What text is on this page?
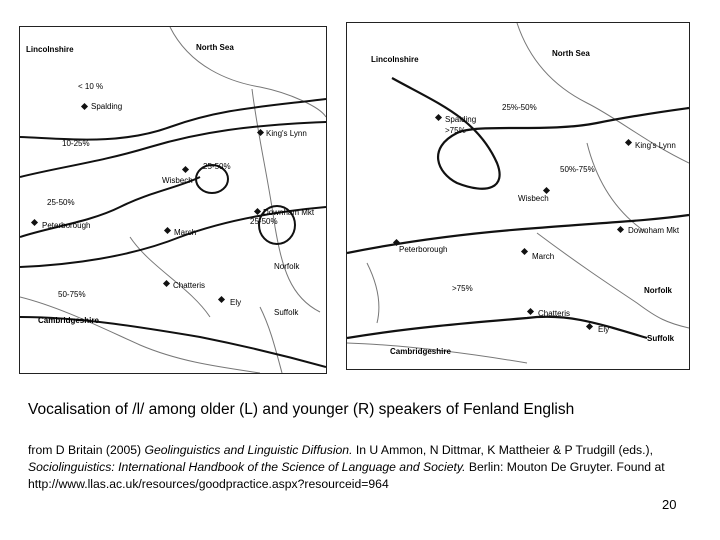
Lincolnshire	North Sea
< 10 %
Spalding
10-25%
King's Lynn
25-50%
Wisbech
25-50%
Downham Mkt
25-50%
Peterborough
March
Norfolk
Chatteris
50-75%
Ely
Suffolk
Cambridgeshire
Lincolnshire
North Sea
25%-50%
Spalding
>75%
King's Lynn
50%-75%
Wisbech
Downham Mkt
Peterborough
March
>75%	Norfolk
Chatteris
Ely
Suffolk
Cambridgeshire
Vocalisation of /l/ among older (L) and younger (R) speakers of Fenland English
from D Britain (2005) Geolinguistics and Linguistic Diffusion. In U Ammon, N Dittmar, K Mattheier & P Trudgill (eds.), Sociolinguistics: International Handbook of the Science of Language and Society. Berlin: Mouton De Gruyter. Found at http://www.llas.ac.uk/resources/goodpractice.aspx?resourceid=964
20
